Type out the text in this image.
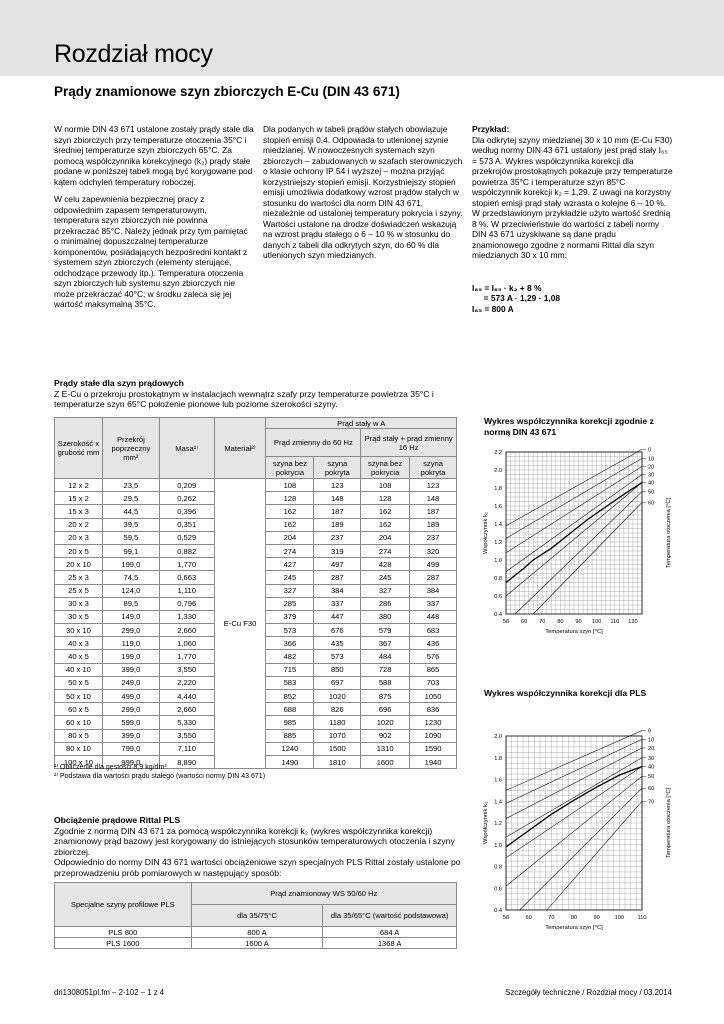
Rozdział mocy
Prądy znamionowe szyn zbiorczych E-Cu (DIN 43 671)

W normie DIN 43 671 ustalone zostały prądy stałe dla szyn zbiorczych przy temperaturze otoczenia 35°C i średniej temperaturze szyn zbiorczych 65°C. Za pomocą współczynnika korekcyjnego (k₂) prądy stałe podane w poniższej tabeli mogą być korygowane pod kątem odchyleń temperatury roboczej.

W celu zapewnienia bezpiecznej pracy z odpowiednim zapasem temperaturowym, temperatura szyn zbiorczych nie powinna przekraczać 85°C. Należy jednak przy tym pamiętać o minimalnej dopuszczalnej temperaturze komponentów, posiadających bezpośredni kontakt z systemem szyn zbiorczych (elementy sterujące, odchodzące przewody itp.). Temperatura otoczenia szyn zbiorczych lub systemu szyn zbiorczych nie może przekraczać 40°C; w środku zaleca się jej wartość maksymalną 35°C.

Dla podanych w tabeli prądów stałych obowiązuje stopień emisji 0,4. Odpowiada to utlenionej szynie miedzianej. W nowoczesnych systemach szyn zbiorczych – zabudowanych w szafach sterowniczych o klasie ochrony IP 54 i wyższej – można przyjąć korzystniejszy stopień emisji. Korzystniejszy stopień emisji umożliwia dodatkowy wzrost prądów stałych w stosunku do wartości dla norm DIN 43 671, niezależnie od ustalonej temperatury pokrycia i szyny. Wartości ustalone na drodze doświadczeń wskazują na wzrost prądu stałego o 6 – 10 % w stosunku do danych z tabeli dla odkrytych szyn, do 60 % dla utlenionych szyn miedzianych.

Przykład:
Dla odkrytej szyny miedzianej 30 x 10 mm (E-Cu F30) według normy DIN 43 671 ustalony jest prąd stały I₆₅ = 573 A. Wykres współczynnika korekcji dla przekrojów prostokątnych pokazuje przy temperaturze powietrza 35°C i temperaturze szyn 85°C współczynnik korekcji k₂ = 1,29. Z uwagi na korzystny stopień emisji prąd stały wzrasta o kolejne 6 – 10 %. W przedstawionym przykładzie użyto wartość średnią 8 %. W przeciwieństwie do wartości z tabeli normy DIN 43 671 uzyskiwane są dane prądu znamionowego zgodne z normami Rittal dla szyn miedzianych 30 x 10 mm:
I₈₅ = I₆₅ · k₂ + 8 %
= 573 A · 1,29 · 1,08
I₈₅ = 800 A
Prądy stałe dla szyn prądowych
Z E-Cu o przekroju prostokątnym w instalacjach wewnątrz szafy przy temperaturze powietrza 35°C i temperaturze szyn 65°C położenie pionowe lub poziome szerokości szyny.
Szerokość x grubość mm	Przekrój poprzeczny mm²	Masa¹⁾	Materiał²⁾	Prąd stały w A			
				Prąd zmienny do 60 Hz		Prąd stały + prąd zmienny 16 Hz	
				szyna bez pokrycia	szyna pokryta	szyna bez pokrycia	szyna pokryta
12 x 2	23,5	0,209	E-Cu F30	108	123	108	123
15 x 2	29,5	0,262		128	148	128	148
15 x 3	44,5	0,396		162	187	162	187
20 x 2	39,5	0,351		162	189	162	189
20 x 3	59,5	0,529		204	237	204	237
20 x 5	99,1	0,882		274	319	274	320
20 x 10	199,0	1,770		427	497	428	499
25 x 3	74,5	0,663		245	287	245	287
25 x 5	124,0	1,110		327	384	327	384
30 x 3	89,5	0,796		285	337	286	337
30 x 5	149,0	1,330		379	447	380	448
30 x 10	299,0	2,660		573	676	579	683
40 x 3	119,0	1,060		366	435	367	436
40 x 5	199,0	1,770		482	573	484	576
40 x 10	399,0	3,550		715	850	728	865
50 x 5	249,0	2,220		583	697	588	703
50 x 10	499,0	4,440		852	1020	875	1050
60 x 5	299,0	2,660		688	826	696	836
60 x 10	599,0	5,330		985	1180	1020	1230
80 x 5	399,0	3,550		885	1070	902	1090
80 x 10	799,0	7,110		1240	1500	1310	1590
100 x 10	999,0	8,890		1490	1810	1600	1940
¹⁾ Obliczenie dla gęstości 8,9 kg/dm³
²⁾ Podstawa dla wartości prądu stałego (wartości normy DIN 43 671)
Obciążenie prądowe Rittal PLS
Zgodnie z normą DIN 43 671 za pomocą współczynnika korekcji k₂ (wykres współczynnika korekcji) znamionowy prąd bazowy jest korygowany do istniejących stosunków temperaturowych otoczenia i szyny zbiorczej.
Odpowiednio do normy DIN 43 671 wartości obciążeniowe szyn specjalnych PLS Rittal zostały ustalone po przeprowadzeniu prób pomiarowych w następujący sposób:
Specjalne szyny profilowe PLS	Prąd znamionowy WS 50/60 Hz	
	dla 35/75°C	dla 35/65°C (wartość podstawowa)
PLS 800	800 A	684 A
PLS 1600	1600 A	1368 A
Wykres współczynnika korekcji zgodnie z normą DIN 43 671
50 60 70 80 90 100 110 120
0.4
0.6
0.8
1.0
1.2
1.4
1.6
1.8
2.0
2.2	0
10
20
30
40
50
60
Temperatura szyn [°C]
Współczynnik k₂	Temperatura otoczenia [°C]
Wykres współczynnika korekcji dla PLS
50	60	70	80	90	100 110
0.4
0.6
0.8
1.0
1.2
1.4
1.6
1.8
2.0
0
10
20
30
40
50
60
70
Temperatura szyn [°C]
Współczynnik k₂	Temperatura otoczenia [°C]
dri1308051pl.fm – 2-102 – 1 z 4	Szczegóły techniczne / Rozdział mocy / 03.2014
